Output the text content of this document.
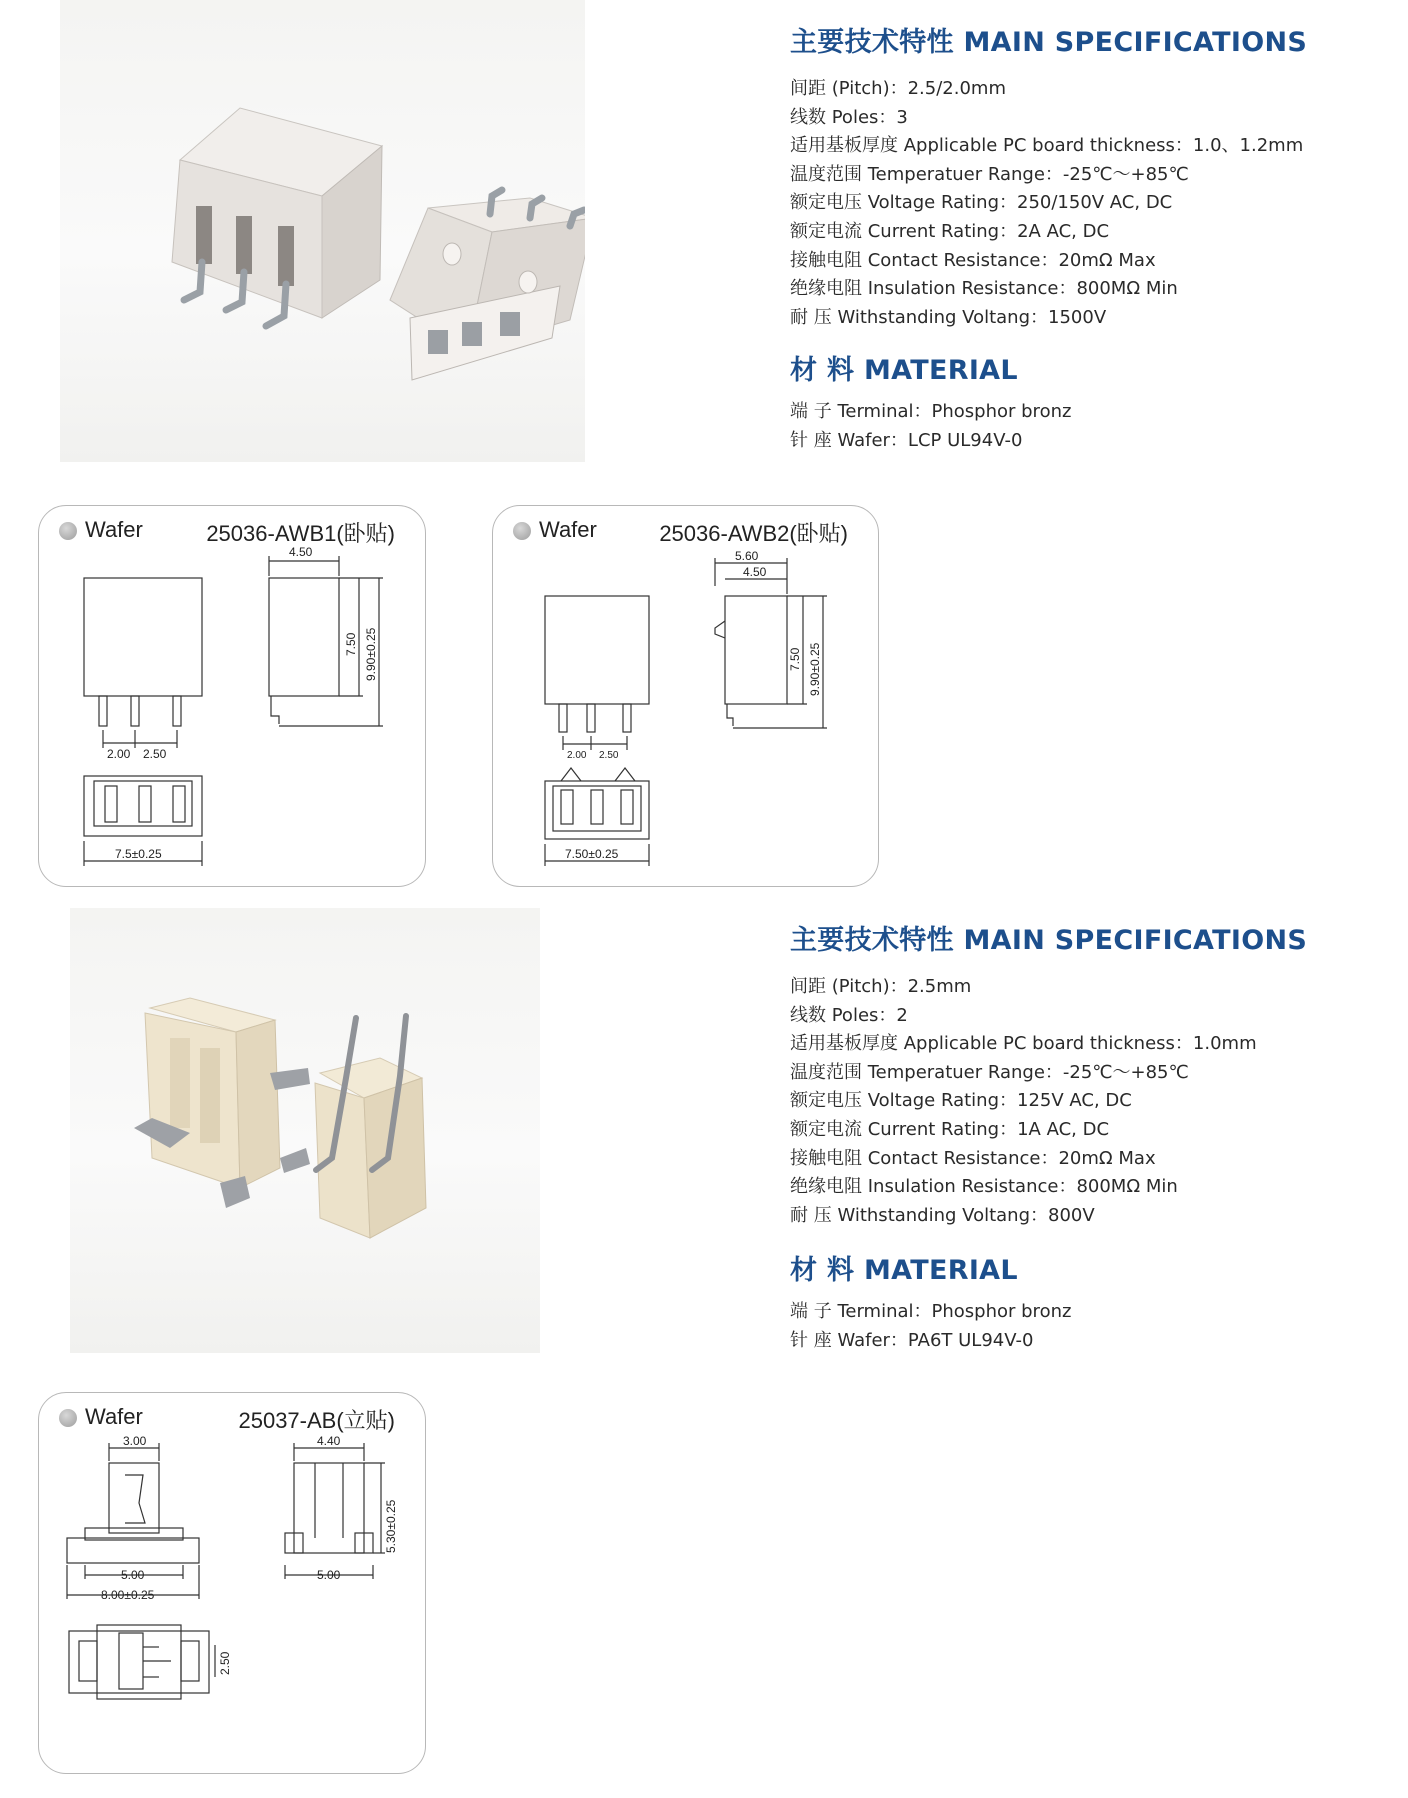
主要技术特性 MAIN SPECIFICATIONS
间距 (Pitch)：2.5/2.0mm
线数 Poles：3
适用基板厚度 Applicable PC board thickness：1.0、1.2mm
温度范围 Temperatuer Range：-25℃～+85℃
额定电压 Voltage Rating：250/150V AC, DC
额定电流 Current Rating：2A AC, DC
接触电阻 Contact Resistance：20mΩ Max
绝缘电阻 Insulation Resistance：800MΩ Min
耐 压 Withstanding Voltang：1500V
材 料 MATERIAL
端 子 Terminal：Phosphor bronz
针 座 Wafer：LCP UL94V-0
4.50
7.50 9.90±0.25
2.00 2.50
7.5±0.25
Wafer	25036-AWB1(卧贴)
5.60
4.50
7.50 9.90±0.25
2.00 2.50
7.50±0.25
Wafer	25036-AWB2(卧贴)
主要技术特性 MAIN SPECIFICATIONS
间距 (Pitch)：2.5mm
线数 Poles：2
适用基板厚度 Applicable PC board thickness：1.0mm
温度范围 Temperatuer Range：-25℃～+85℃
额定电压 Voltage Rating：125V AC, DC
额定电流 Current Rating：1A AC, DC
接触电阻 Contact Resistance：20mΩ Max
绝缘电阻 Insulation Resistance：800MΩ Min
耐 压 Withstanding Voltang：800V
材 料 MATERIAL
端 子 Terminal：Phosphor bronz
针 座 Wafer：PA6T UL94V-0
3.00
5.00
8.00±0.25
4.40
5.30±0.25
5.00
2.50
Wafer	25037-AB(立贴)
